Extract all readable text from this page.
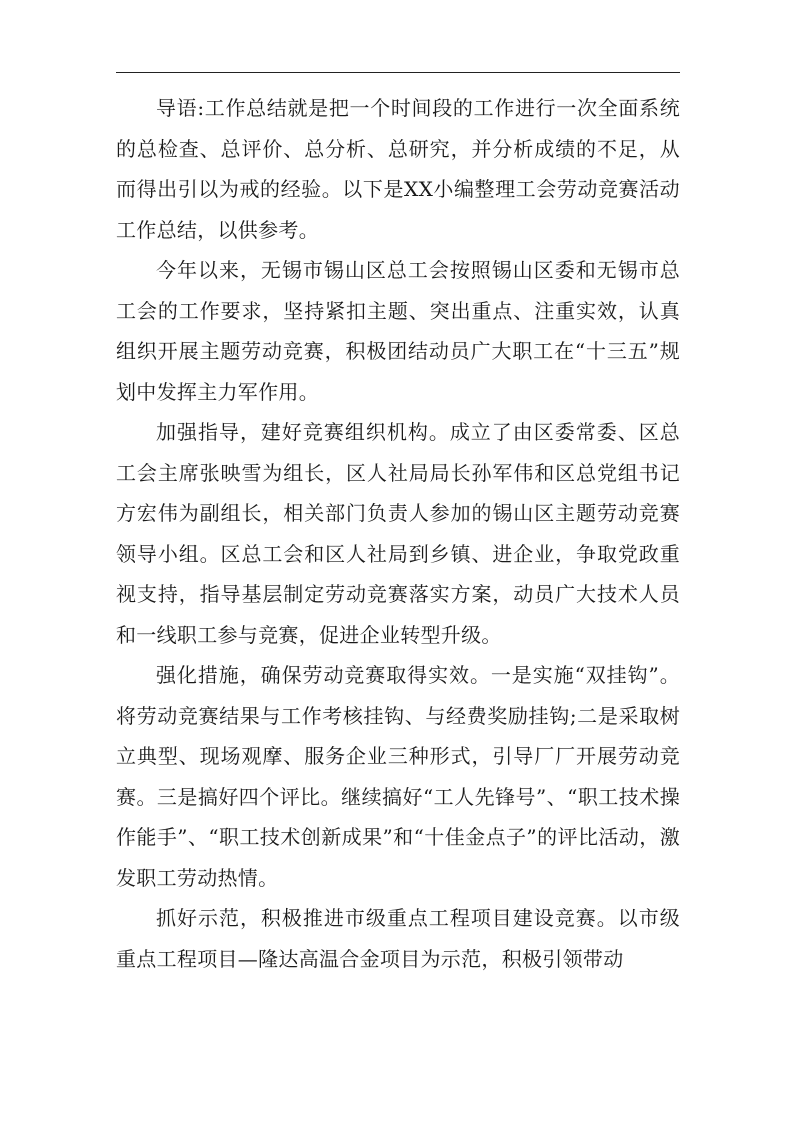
导语:工作总结就是把一个时间段的工作进行一次全面系统的总检查、总评价、总分析、总研究，并分析成绩的不足，从而得出引以为戒的经验。以下是XX小编整理工会劳动竞赛活动工作总结，以供参考。

今年以来，无锡市锡山区总工会按照锡山区委和无锡市总工会的工作要求，坚持紧扣主题、突出重点、注重实效，认真组织开展主题劳动竞赛，积极团结动员广大职工在“十三五”规划中发挥主力军作用。

加强指导，建好竞赛组织机构。成立了由区委常委、区总工会主席张映雪为组长，区人社局局长孙军伟和区总党组书记方宏伟为副组长，相关部门负责人参加的锡山区主题劳动竞赛领导小组。区总工会和区人社局到乡镇、进企业，争取党政重视支持，指导基层制定劳动竞赛落实方案，动员广大技术人员和一线职工参与竞赛，促进企业转型升级。

强化措施，确保劳动竞赛取得实效。一是实施“双挂钩”。将劳动竞赛结果与工作考核挂钩、与经费奖励挂钩;二是采取树立典型、现场观摩、服务企业三种形式，引导厂厂开展劳动竞赛。三是搞好四个评比。继续搞好“工人先锋号”、“职工技术操作能手”、“职工技术创新成果”和“十佳金点子”的评比活动，激发职工劳动热情。

抓好示范，积极推进市级重点工程项目建设竞赛。以市级重点工程项目—隆达高温合金项目为示范，积极引领带动
